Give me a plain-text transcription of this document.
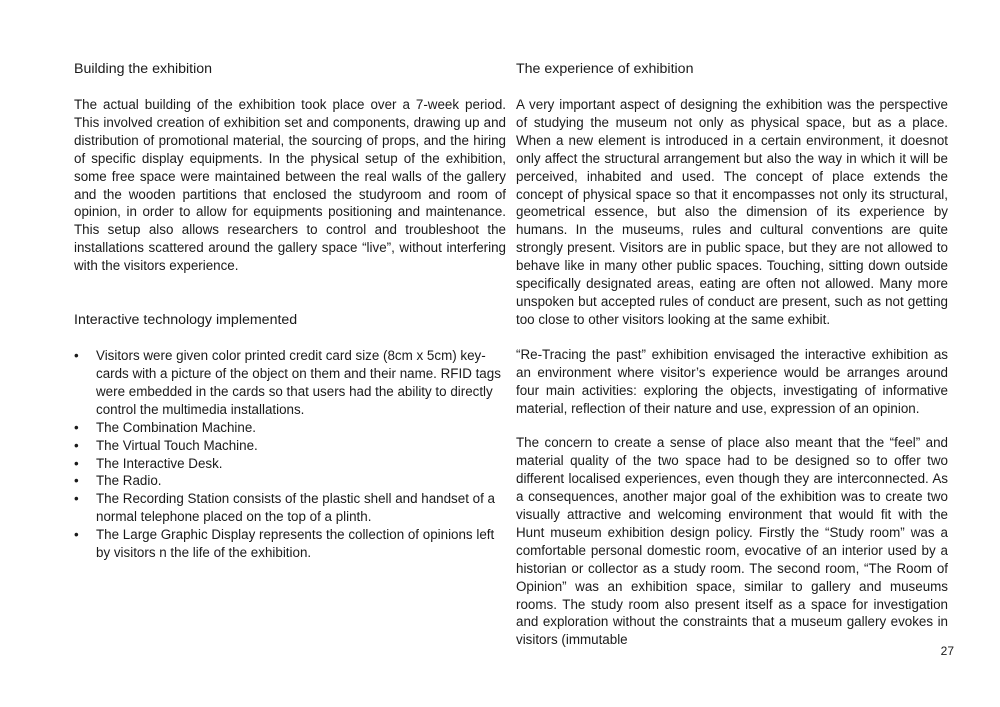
Building the exhibition

The actual building of the exhibition took place over a 7-week period. This involved creation of exhibition set and components, drawing up and distribution of promotional material, the sourcing of props, and the hiring of specific display equipments. In the physical setup of the exhibition, some free space were maintained between the real walls of the gallery and the wooden partitions that enclosed the studyroom and room of opinion, in order to allow for equipments positioning and maintenance. This setup also allows researchers to control and troubleshoot the installations scattered around the gallery space “live”, without interfering with the visitors experience.

Interactive technology implemented
• Visitors were given color printed credit card size (8cm x 5cm) keycards with a picture of the object on them and their name. RFID tags were embedded in the cards so that users had the ability to directly control the multimedia installations.
• The Combination Machine.
• The Virtual Touch Machine.
• The Interactive Desk.
• The Radio.
• The Recording Station consists of the plastic shell and handset of a normal telephone placed on the top of a plinth.
• The Large Graphic Display represents the collection of opinions left by visitors n the life of the exhibition.
The experience of exhibition

A very important aspect of designing the exhibition was the perspective of studying the museum not only as physical space, but as a place. When a new element is introduced in a certain environment, it doesnot only affect the structural arrangement but also the way in which it will be perceived, inhabited and used. The concept of place extends the concept of physical space so that it encompasses not only its structural, geometrical essence, but also the dimension of its experience by humans. In the museums, rules and cultural conventions are quite strongly present. Visitors are in public space, but they are not allowed to behave like in many other public spaces. Touching, sitting down outside specifically designated areas, eating are often not allowed. Many more unspoken but accepted rules of conduct are present, such as not getting too close to other visitors looking at the same exhibit.

“Re-Tracing the past” exhibition envisaged the interactive exhibition as an environment where visitor’s experience would be arranges around four main activities: exploring the objects, investigating of informative material, reflection of their nature and use, expression of an opinion.

The concern to create a sense of place also meant that the “feel” and material quality of the two space had to be designed so to offer two different localised experiences, even though they are interconnected. As a consequences, another major goal of the exhibition was to create two visually attractive and welcoming environment that would fit with the Hunt museum exhibition design policy. Firstly the “Study room” was a comfortable personal domestic room, evocative of an interior used by a historian or collector as a study room. The second room, “The Room of Opinion” was an exhibition space, similar to gallery and museums rooms. The study room also present itself as a space for investigation and exploration without the constraints that a museum gallery evokes in visitors (immutable

27
